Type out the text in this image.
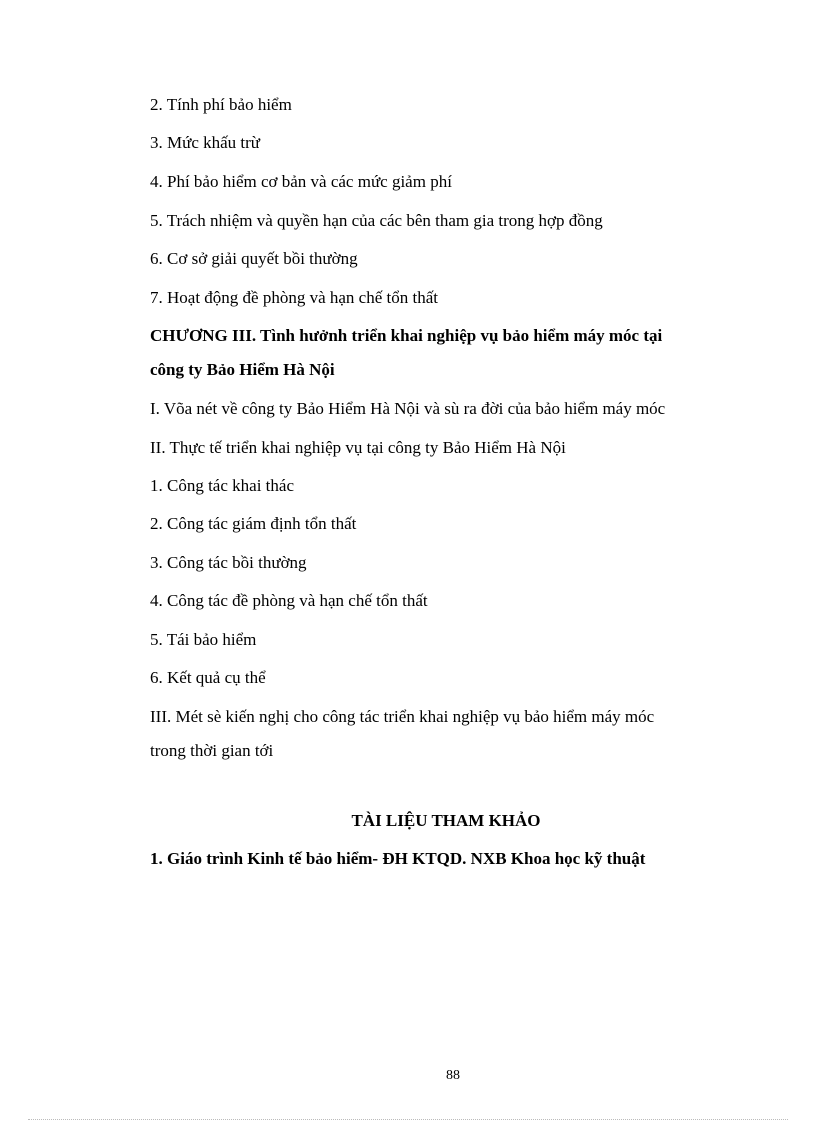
2. Tính phí bảo hiểm
3. Mức khấu trừ
4. Phí bảo hiểm cơ bản và các mức giảm phí
5. Trách nhiệm và quyền hạn của các bên tham gia trong hợp đồng
6. Cơ sở giải quyết bồi thường
7. Hoạt động đề phòng và hạn chế tổn thất
CHƯƠNG III. Tình hưởnh triển khai nghiệp vụ bảo hiểm máy móc tại
công ty Bảo Hiểm Hà Nội
I. Võa nét về công ty Bảo Hiểm Hà Nội và sù ra đời của bảo hiểm máy móc
II. Thực tế triển khai nghiệp vụ tại công ty Bảo Hiểm Hà Nội
1. Công tác khai thác
2. Công tác giám định tổn thất
3. Công tác bồi thường
4. Công tác đề phòng và hạn chế tổn thất
5. Tái bảo hiểm
6. Kết quả cụ thể
III. Mét sè kiến nghị cho công tác triển khai nghiệp vụ bảo hiểm máy móc
trong thời gian tới
TÀI LIỆU THAM KHẢO
1. Giáo trình Kinh tế bảo hiểm- ĐH KTQD. NXB Khoa học kỹ thuật
88
